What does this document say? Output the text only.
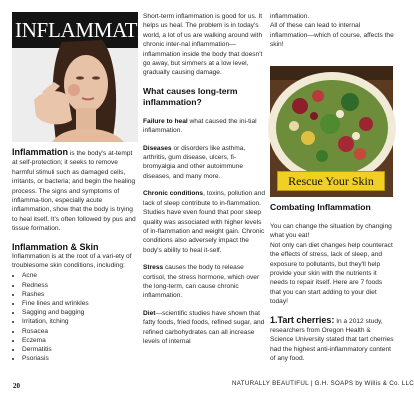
INFLAMMATION
Inflammation is the body's at-tempt at self-protection; it seeks to remove harmful stimuli such as damaged cells, irritants, or bacteria; and begin the healing process. The signs and symptoms of inflamma-tion, especially acute inflammation, show that the body is trying to heal itself. It's often followed by pus and tissue formation.
Inflammation & Skin
Inflammation is at the root of a vari-ety of troublesome skin conditions, including:
• Acne
• Redness
• Rashes
• Fine lines and wrinkles
• Sagging and bagging
• Irritation, itching
• Rosacea
• Eczema
• Dermatitis
• Psoriasis

Short-term inflammation is good for us. It helps us heal. The problem is in today's world, a lot of us are walking around with chronic inter-nal inflammation—inflammation inside the body that doesn't go away, but simmers at a low level, gradually causing damage.

What causes long-term inflammation?

Failure to heal what caused the ini-tial inflammation.

Diseases or disorders like asthma, arthritis, gum disease, ulcers, fi-bromyalgia and other autoimmune diseases, and many more.

Chronic conditions, toxins, pollution and lack of sleep contribute to in-flammation. Studies have even found that poor sleep quality was associated with higher levels of in-flammation and weight gain. Chronic conditions also adversely impact the body's ability to heal it-self.

Stress causes the body to release cortisol, the stress hormone, which over the long-term, can cause chronic inflammation.

Diet—scientific studies have shown that fatty foods, fried foods, refined sugar, and refined carbohydrates can all increase levels of internal

inflammation.
All of these can lead to internal inflammation—which of course, affects the skin!
Rescue Your Skin
Combating Inflammation
You can change the situation by changing what you eat!
Not only can diet changes help counteract the effects of stress, lack of sleep, and exposure to pollutants, but they'll help provide your skin with the nutrients it needs to repair itself. Here are 7 foods that you can start adding to your diet today!
1.Tart cherries: In a 2012 study, researchers from Oregon Health & Science University stated that tart cherries had the highest anti-inflammatory content of any food.
20	NATURALLY BEAUTIFUL | G.H. SOAPS by Willis & Co. LLC
